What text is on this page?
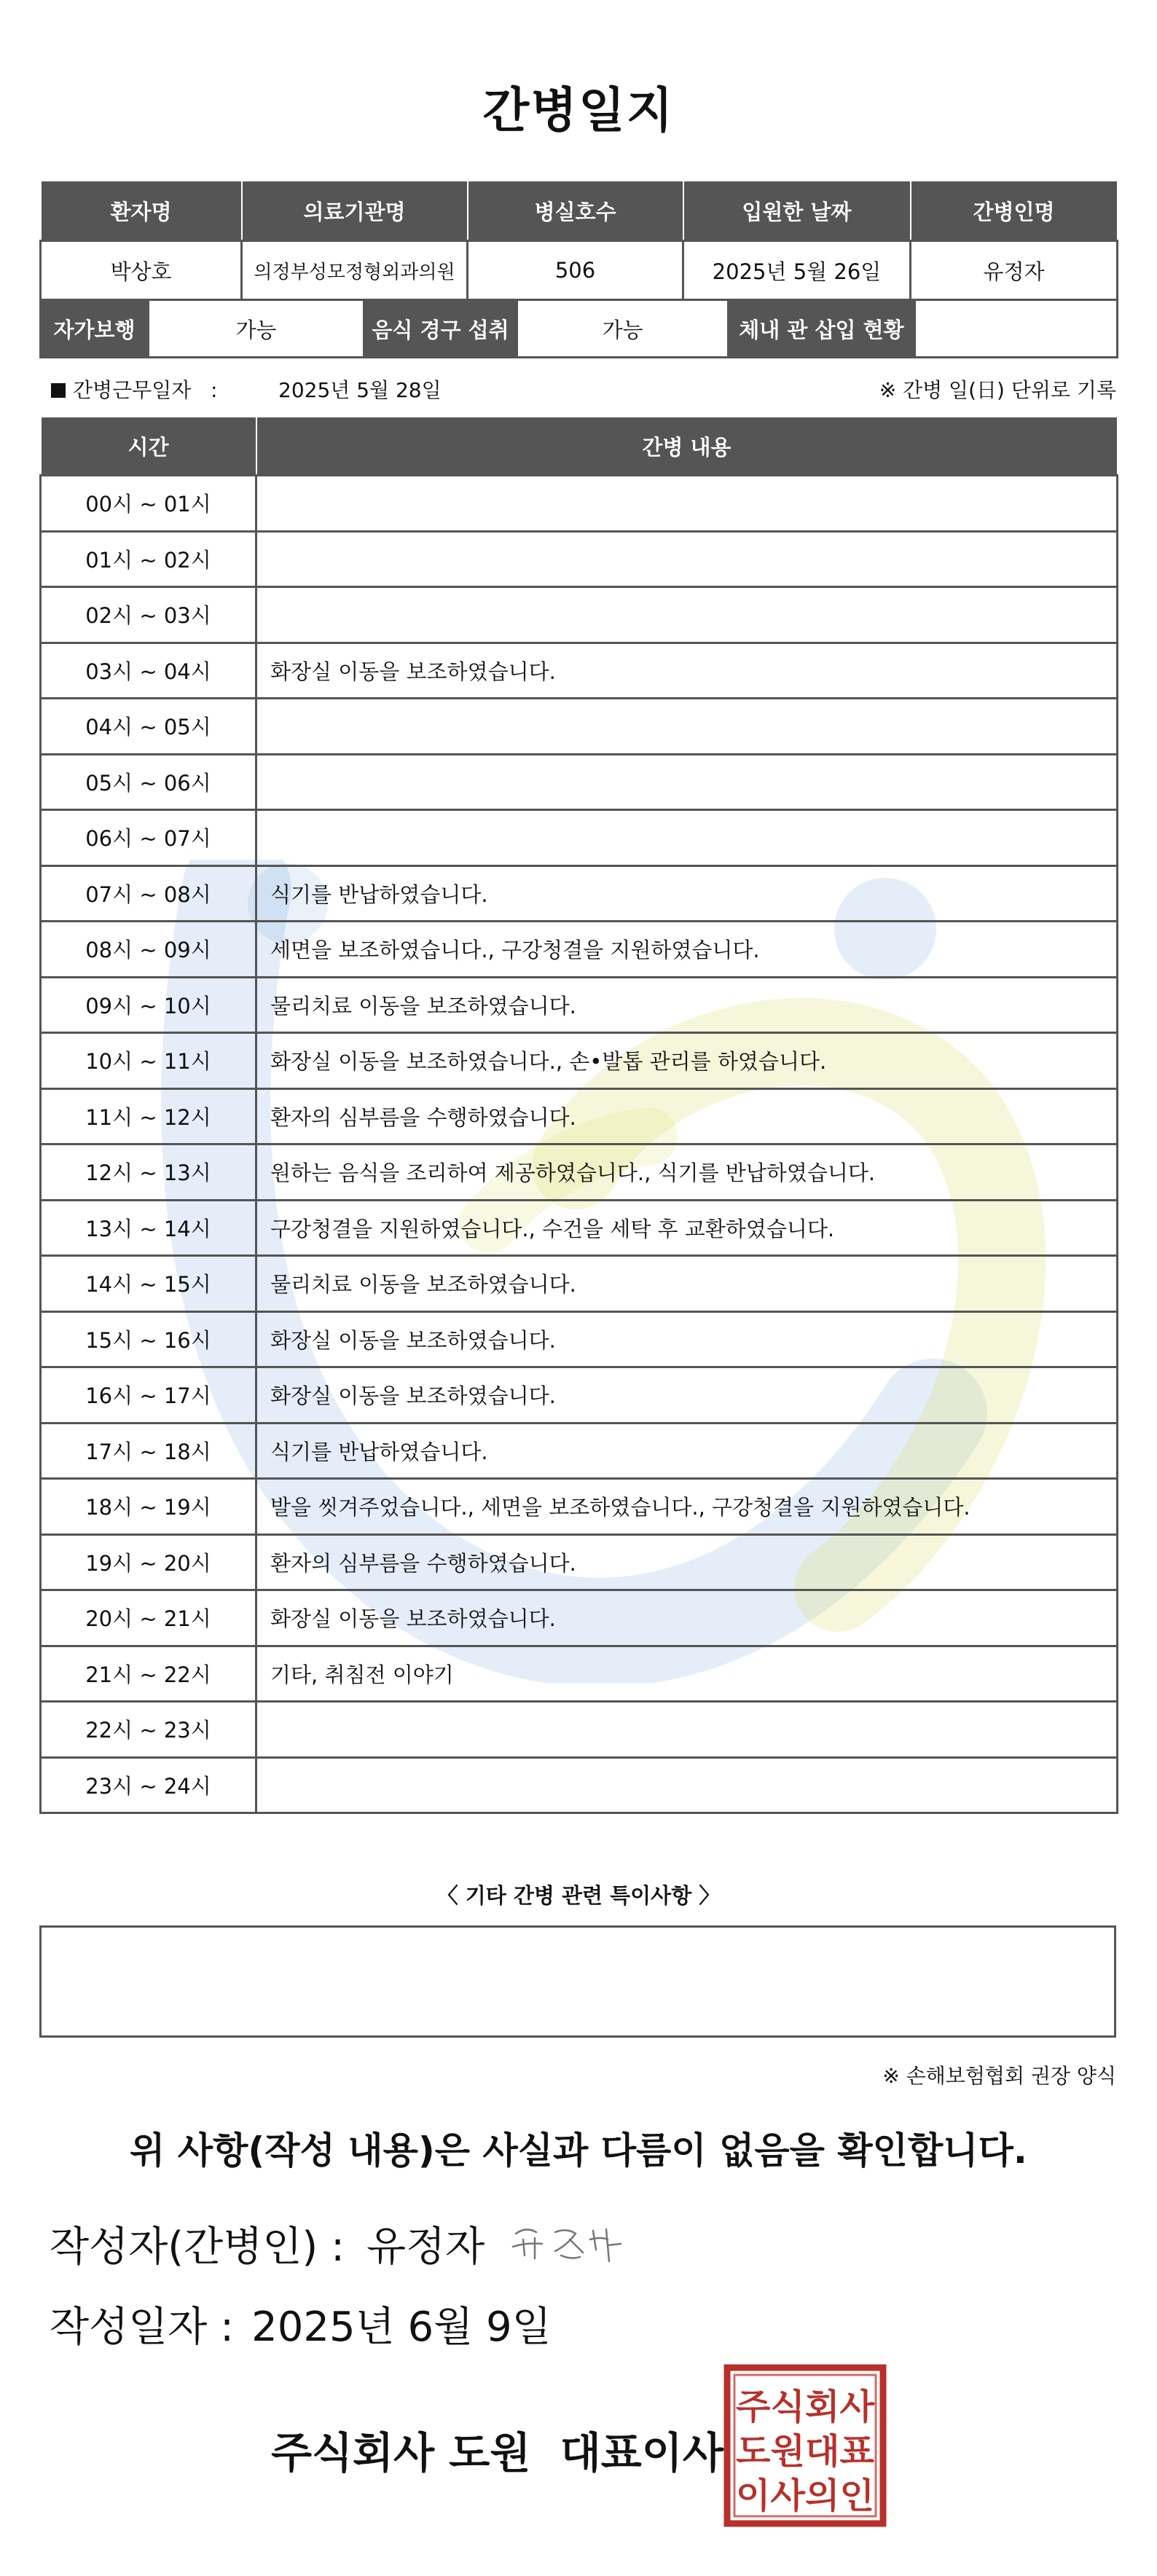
간병일지
환자명	의료기관명	병실호수	입원한 날짜	간병인명
박상호	의정부성모정형외과의원	506	2025년 5월 26일	유정자
자가보행	가능	음식 경구 섭취	가능	체내 관 삽입 현황	
간병근무일자   :	2025년 5월 28일	※ 간병 일(日) 단위로 기록
시간	간병 내용
00시 ~ 01시	
01시 ~ 02시	
02시 ~ 03시	
03시 ~ 04시	화장실 이동을 보조하였습니다.
04시 ~ 05시	
05시 ~ 06시	
06시 ~ 07시	
07시 ~ 08시	식기를 반납하였습니다.
08시 ~ 09시	세면을 보조하였습니다., 구강청결을 지원하였습니다.
09시 ~ 10시	물리치료 이동을 보조하였습니다.
10시 ~ 11시	화장실 이동을 보조하였습니다., 손•발톱 관리를 하였습니다.
11시 ~ 12시	환자의 심부름을 수행하였습니다.
12시 ~ 13시	원하는 음식을 조리하여 제공하였습니다., 식기를 반납하였습니다.
13시 ~ 14시	구강청결을 지원하였습니다., 수건을 세탁 후 교환하였습니다.
14시 ~ 15시	물리치료 이동을 보조하였습니다.
15시 ~ 16시	화장실 이동을 보조하였습니다.
16시 ~ 17시	화장실 이동을 보조하였습니다.
17시 ~ 18시	식기를 반납하였습니다.
18시 ~ 19시	발을 씻겨주었습니다., 세면을 보조하였습니다., 구강청결을 지원하였습니다.
19시 ~ 20시	환자의 심부름을 수행하였습니다.
20시 ~ 21시	화장실 이동을 보조하였습니다.
21시 ~ 22시	기타, 취침전 이야기
22시 ~ 23시	
23시 ~ 24시	
〈 기타 간병 관련 특이사항 〉
※ 손해보험협회 권장 양식
위 사항(작성 내용)은 사실과 다름이 없음을 확인합니다.
작성자(간병인) : 유정자
작성일자 : 2025년 6월 9일
주식회사 도원  대표이사
주식회사
도원대표
이사의인
